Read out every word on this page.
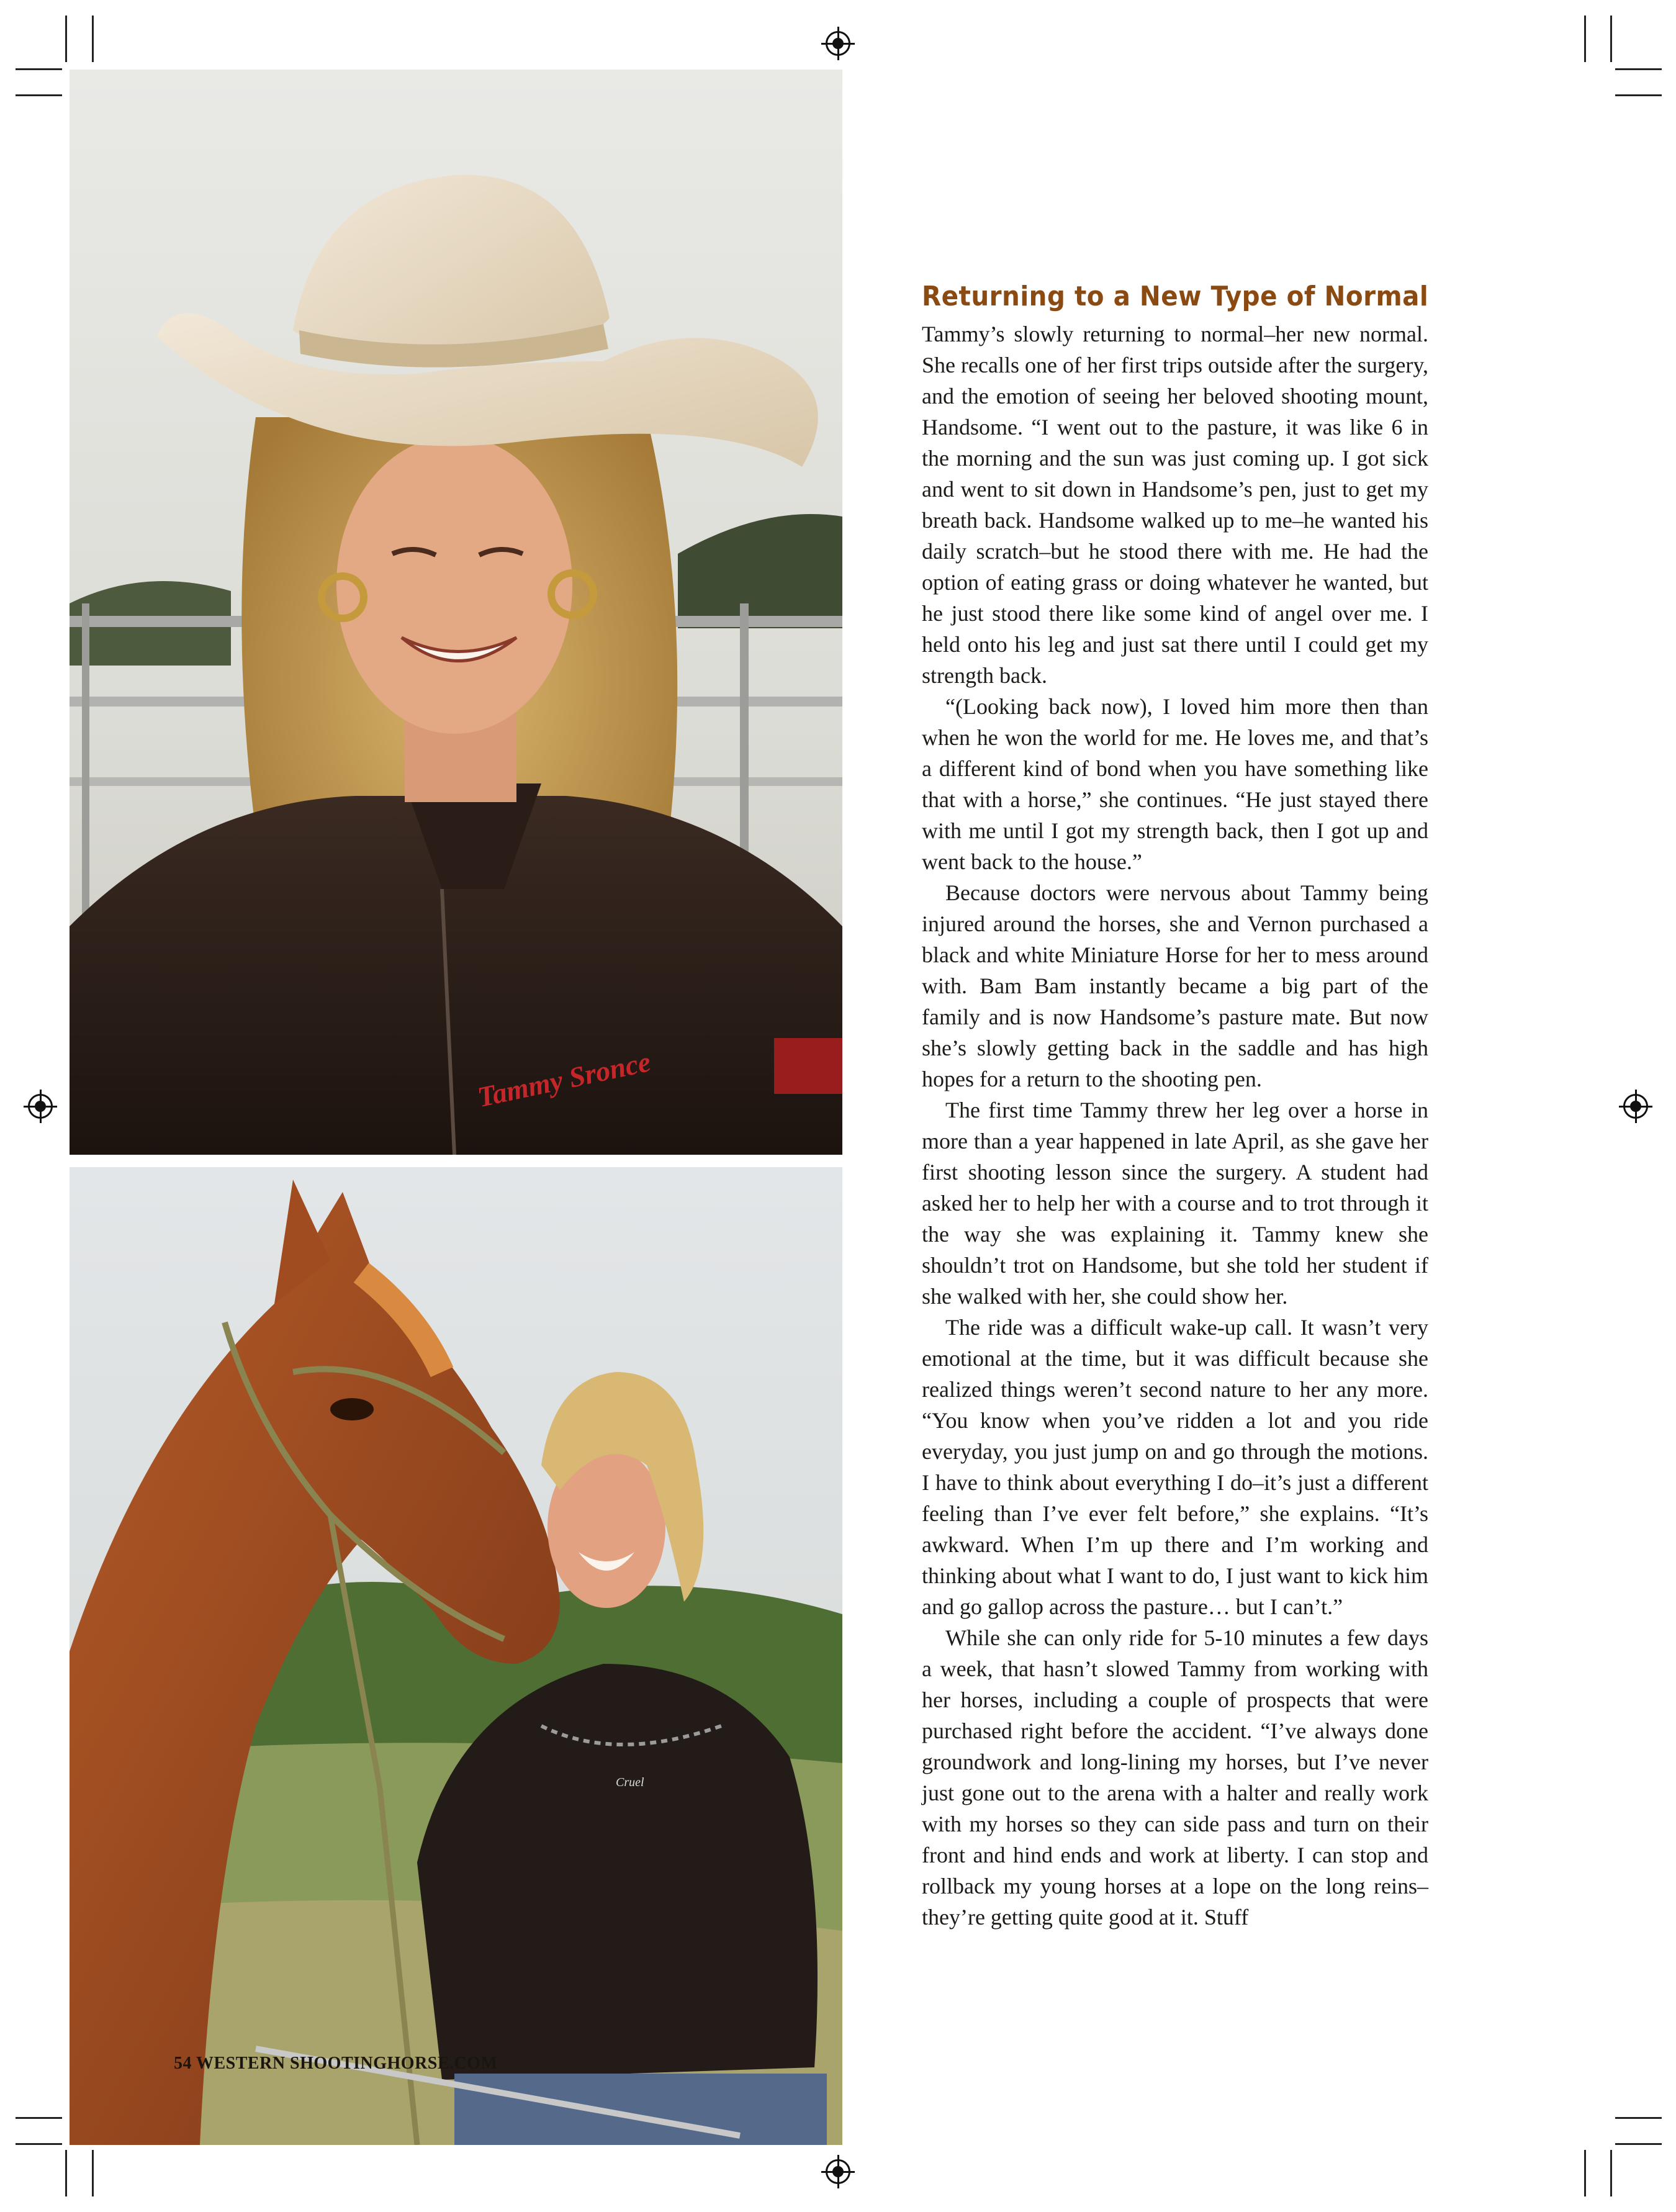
Tammy Sronce
Cruel
Returning to a New Type of Normal

Tammy’s slowly returning to normal–her new normal. She recalls one of her first trips outside after the surgery, and the emotion of seeing her beloved shooting mount, Handsome. “I went out to the pasture, it was like 6 in the morning and the sun was just coming up. I got sick and went to sit down in Handsome’s pen, just to get my breath back. Handsome walked up to me–he wanted his daily scratch–but he stood there with me. He had the option of eating grass or doing whatever he wanted, but he just stood there like some kind of angel over me. I held onto his leg and just sat there until I could get my strength back.

“(Looking back now), I loved him more then than when he won the world for me. He loves me, and that’s a different kind of bond when you have something like that with a horse,” she continues. “He just stayed there with me until I got my strength back, then I got up and went back to the house.”

Because doctors were nervous about Tammy being injured around the horses, she and Vernon purchased a black and white Miniature Horse for her to mess around with. Bam Bam instantly became a big part of the family and is now Handsome’s pasture mate. But now she’s slowly getting back in the saddle and has high hopes for a return to the shooting pen.

The first time Tammy threw her leg over a horse in more than a year happened in late April, as she gave her first shooting lesson since the surgery. A student had asked her to help her with a course and to trot through it the way she was explaining it. Tammy knew she shouldn’t trot on Handsome, but she told her student if she walked with her, she could show her.

The ride was a difficult wake-up call. It wasn’t very emotional at the time, but it was difficult because she realized things weren’t second nature to her any more. “You know when you’ve ridden a lot and you ride everyday, you just jump on and go through the motions. I have to think about everything I do–it’s just a different feeling than I’ve ever felt before,” she explains. “It’s awkward. When I’m up there and I’m working and thinking about what I want to do, I just want to kick him and go gallop across the pasture… but I can’t.”

While she can only ride for 5-10 minutes a few days a week, that hasn’t slowed Tammy from working with her horses, including a couple of prospects that were purchased right before the accident. “I’ve always done groundwork and long-lining my horses, but I’ve never just gone out to the arena with a halter and really work with my horses so they can side pass and turn on their front and hind ends and work at liberty. I can stop and rollback my young horses at a lope on the long reins–they’re getting quite good at it. Stuff

54 WESTERN SHOOTINGHORSE.COM
